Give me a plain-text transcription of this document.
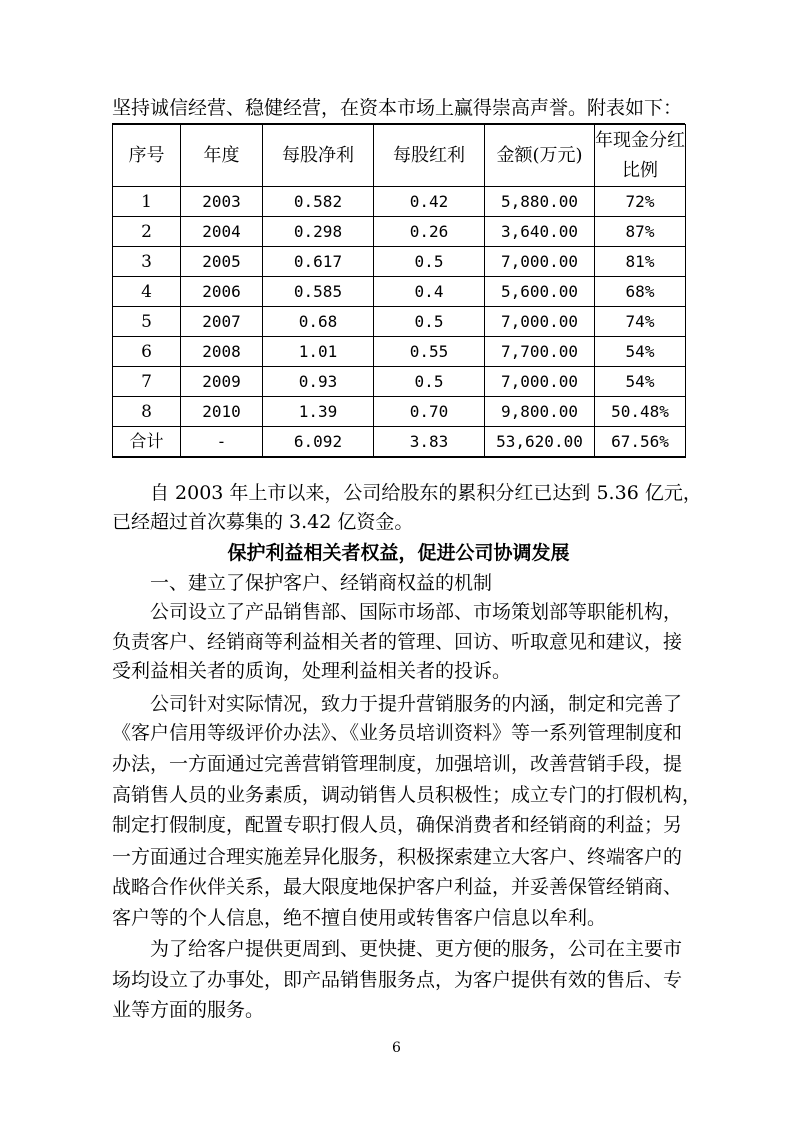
坚持诚信经营、稳健经营，在资本市场上赢得崇高声誉。附表如下：
序号	年度	每股净利	每股红利	金额(万元)	年现金分红比例
1	2003	0.582	0.42	5,880.00	72%
2	2004	0.298	0.26	3,640.00	87%
3	2005	0.617	0.5	7,000.00	81%
4	2006	0.585	0.4	5,600.00	68%
5	2007	0.68	0.5	7,000.00	74%
6	2008	1.01	0.55	7,700.00	54%
7	2009	0.93	0.5	7,000.00	54%
8	2010	1.39	0.70	9,800.00	50.48%
合计	-	6.092	3.83	53,620.00	67.56%
自 2003 年上市以来，公司给股东的累积分红已达到 5.36 亿元，
已经超过首次募集的 3.42 亿资金。
保护利益相关者权益，促进公司协调发展
一、建立了保护客户、经销商权益的机制
公司设立了产品销售部、国际市场部、市场策划部等职能机构，
负责客户、经销商等利益相关者的管理、回访、听取意见和建议，接
受利益相关者的质询，处理利益相关者的投诉。
公司针对实际情况，致力于提升营销服务的内涵，制定和完善了
《客户信用等级评价办法》、《业务员培训资料》等一系列管理制度和
办法，一方面通过完善营销管理制度，加强培训，改善营销手段，提
高销售人员的业务素质，调动销售人员积极性；成立专门的打假机构，
制定打假制度，配置专职打假人员，确保消费者和经销商的利益；另
一方面通过合理实施差异化服务，积极探索建立大客户、终端客户的
战略合作伙伴关系，最大限度地保护客户利益，并妥善保管经销商、
客户等的个人信息，绝不擅自使用或转售客户信息以牟利。
为了给客户提供更周到、更快捷、更方便的服务，公司在主要市
场均设立了办事处，即产品销售服务点，为客户提供有效的售后、专
业等方面的服务。
6
